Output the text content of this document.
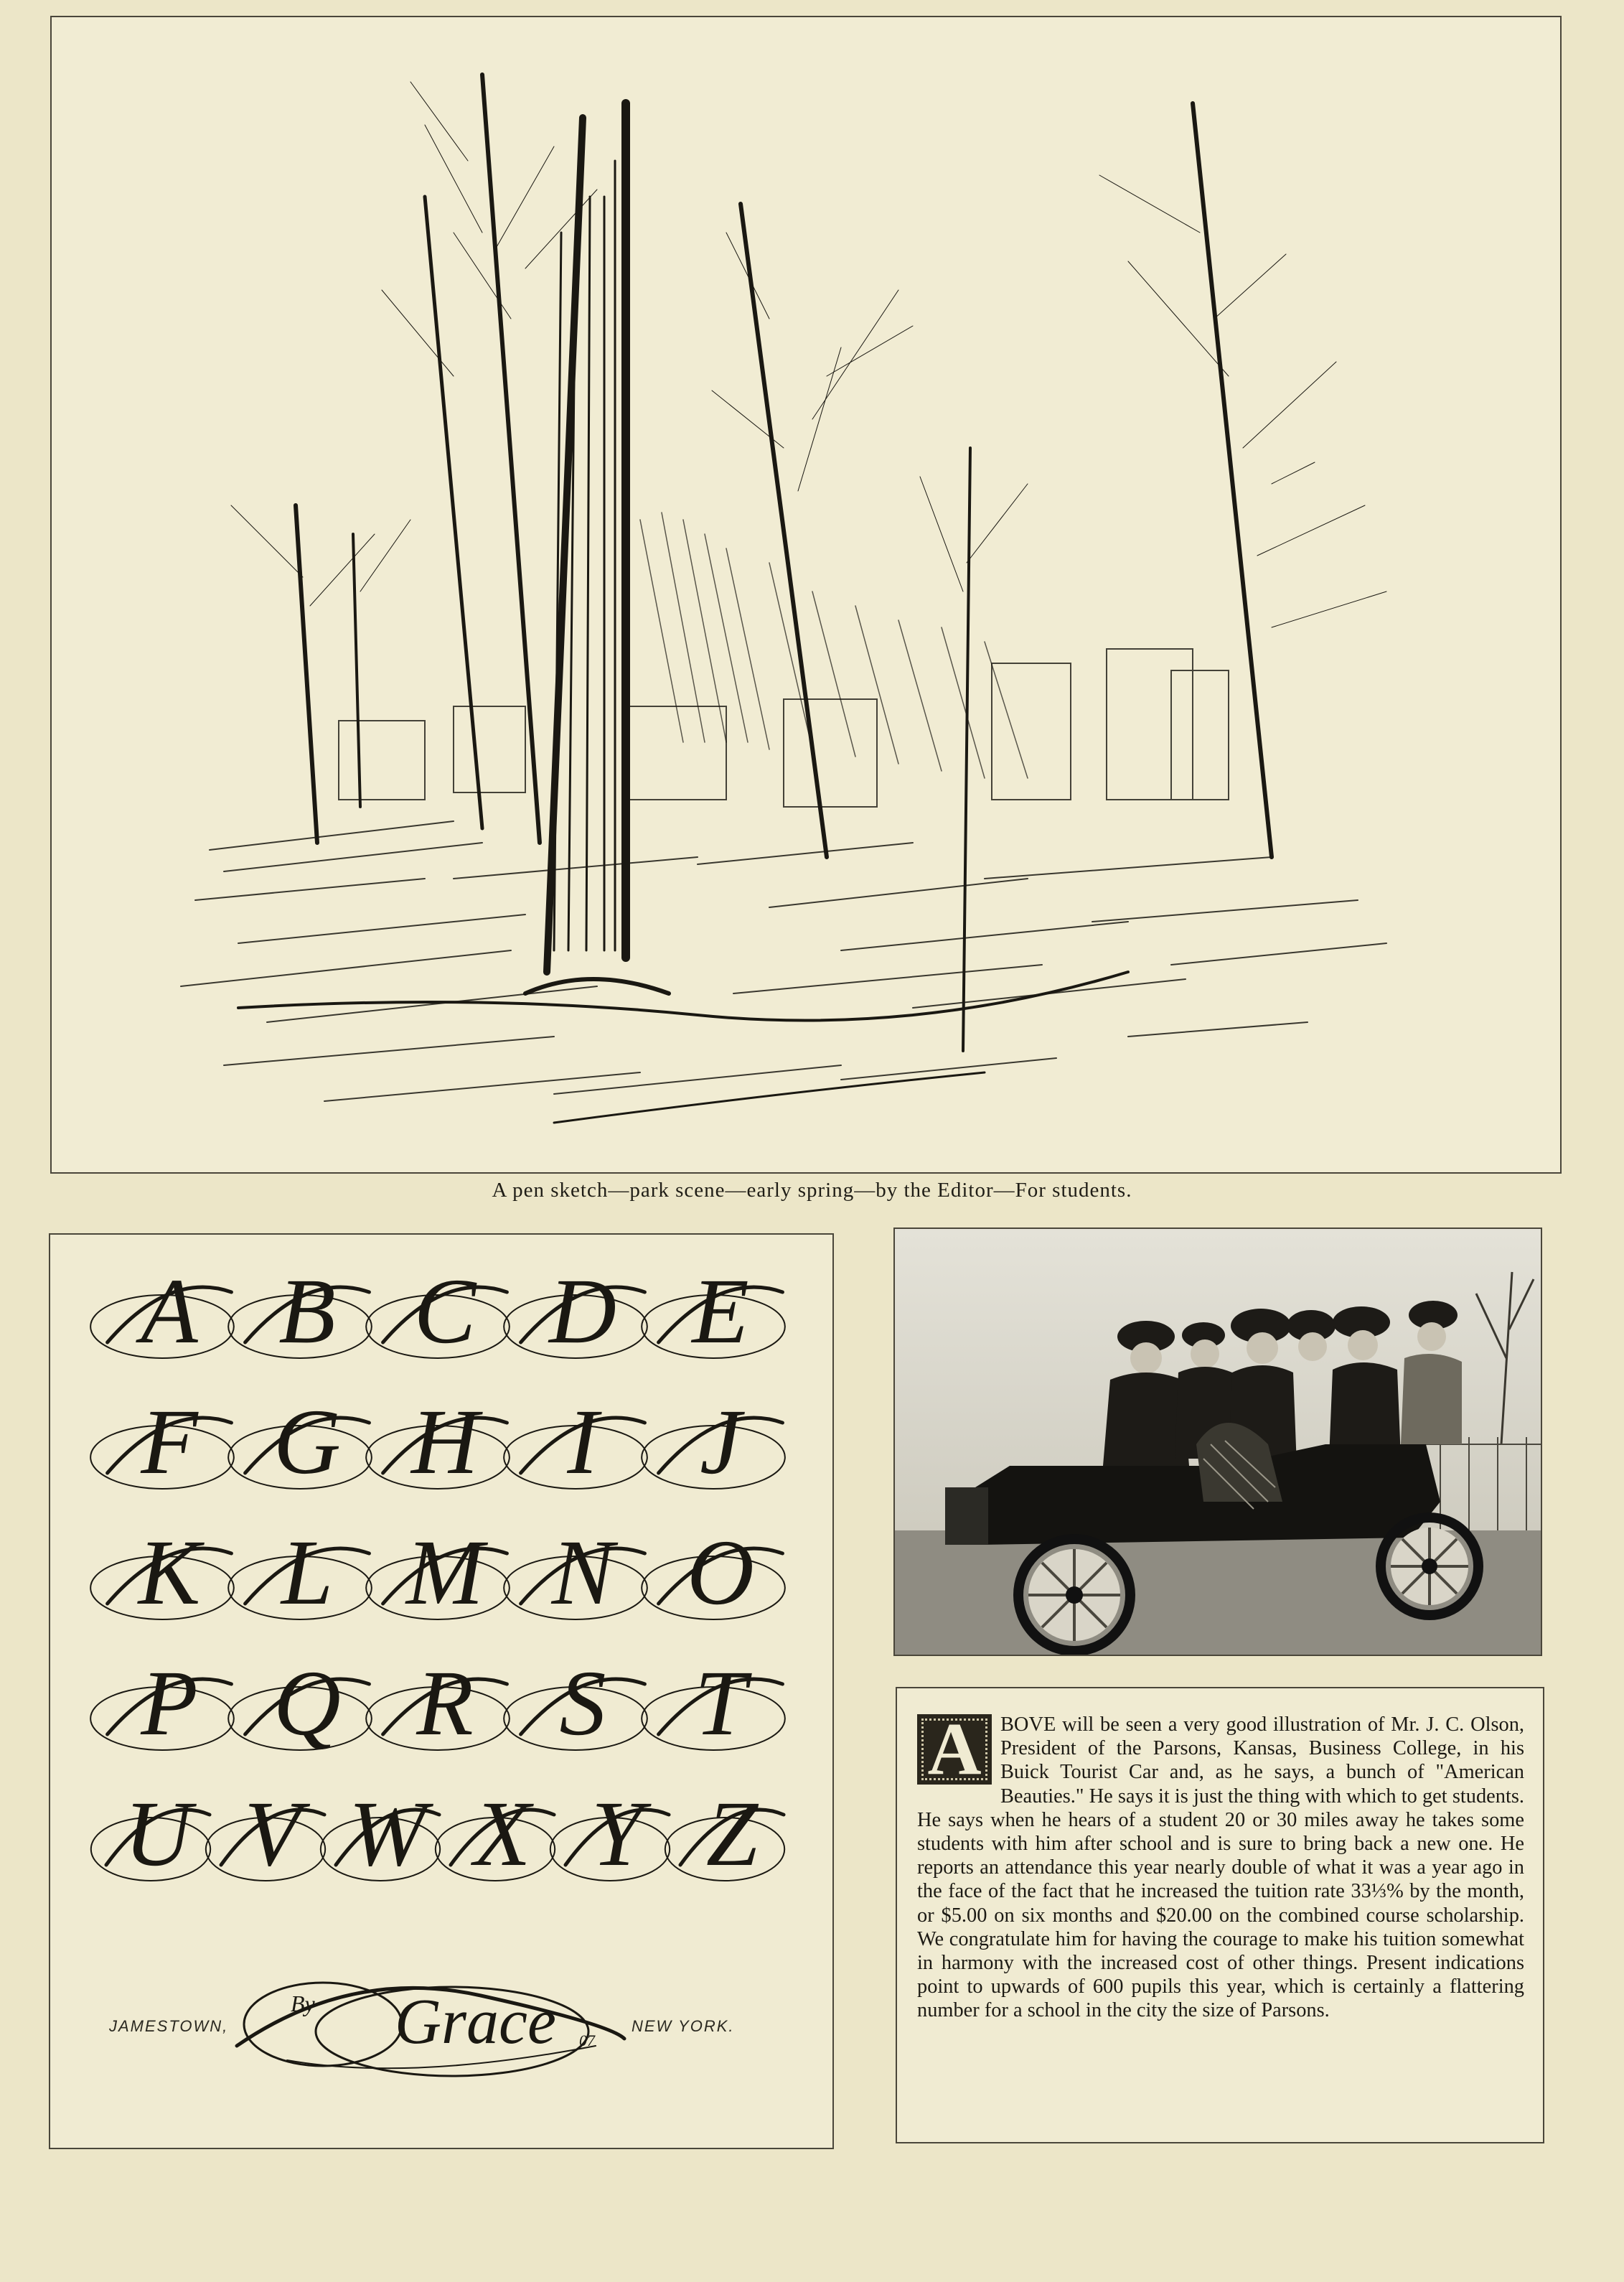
A pen sketch—park scene—early spring—by the Editor—For students.
A B C D E
F G H I J
K L M N O
P Q R S T
U V W X Y Z
By Grace 07
JAMESTOWN,	NEW YORK.

A BOVE will be seen a very good illustration of Mr. J. C. Olson, President of the Parsons, Kansas, Business College, in his Buick Tourist Car and, as he says, a bunch of "American Beauties." He says it is just the thing with which to get students. He says when he hears of a student 20 or 30 miles away he takes some students with him after school and is sure to bring back a new one. He reports an attendance this year nearly double of what it was a year ago in the face of the fact that he increased the tuition rate 33⅓% by the month, or $5.00 on six months and $20.00 on the combined course scholarship. We congratulate him for having the courage to make his tuition somewhat in harmony with the increased cost of other things. Present indications point to upwards of 600 pupils this year, which is certainly a flattering number for a school in the city the size of Parsons.
